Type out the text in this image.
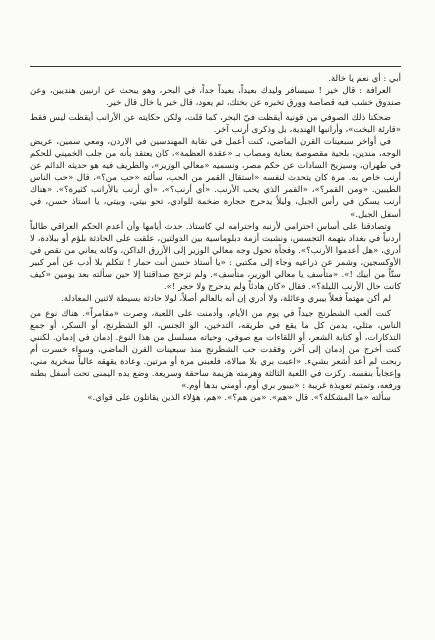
أبي : أي نعم يا خالة.

العرافة : قال خير ! سيسافر وليدك بعيداً، بعيداً جداً، في البحر، وهو يبحث عن ارنبين هنديين، وعن صندوق خشب فيه قصاصة وورق تخبره عن بختك، ثم يعود، قال خير يا خال قال خير.

ضحكنا ذلك الصوفي من قونية أيقظت فيّ البحر، كما قلت، ولكن حكايته عن الأرانب أيقظت ليس فقط «قارئة البخت»، وأرانبها الهندية، بل وذكرى أرنب آخر.

في أواخر سبعينات القرن الماضي، كنت أعمل في نقابة المهندسين في الاردن، ومعي سمين، عريض الوجه، مندين، بلحية مقصوصة بعناية ومصاب بـ «عقدة العظمة»، كان يعتقد بأنه من جلب الخميني للحكم في طهران، وسيزيح السادات عن حكم مصر، ونسميه «معالي الوزير»، والطريف فيه هو حديثه الدائم عن أرنب خاص به. مرة كان يتحدث لنفسه «استقال القمر من الحب، سألته «حب من؟»، قال «حب الناس الطيبين. «ومن القمر؟»، «القمر الذي يحب الأرنب. «أي أرنب؟»، «أي أرنب بالأرانب كثيرة؟». «هناك أرنب يسكن في رأس الجبل، وليلاً يدحرج حجارة ضخمة للوادي، تحو بيتي، وبيتي، يا استاذ حسن، في أسفل الجبل.»

وتصادقنا على أساس احترامي لأرنبه واحترامه لي كاستاذ. حدث أيامها وأن أعدم الحكم العراقي طالباً أردنياً في بغداد بتهمة التجسس، ونشبت أزمة دبلوماسية بين الدولتين، علقت على الحادثة بلؤم أو ببلادة، لا أدري، «هل أعدموا الأرنب؟». وفجأة تحول وجه معالي الوزير إلى الأزرق الداكن، وكانه يعاني من نقص في الأوكسجين، وشمر عن ذراعيه وجاء إلى مكتبي : «يا أستاذ حسن أنت حمار ! تتكلم بلا أدب عن أمر كبير ستّاً من أبيك !». «متأسف يا معالي الوزير، متأسف». ولم تزحج صداقتنا إلا حين سألته بعد يومين «كيف كانت حال الأرنب الليلة؟». فقال «كان هادئاً ولم يدحرج ولا حجر !».

لم أكن مهتماً فعلاً بيبري وعائلة، ولا أدري إن أنه بالعالم أصلاً، لولا حادثة بسيطة لاثنين المعادلة.

كنت ألعب الشطرنج جيداً في يوم من الأيام، وأدمنت على اللعبة، وصرت «مقامراً». هناك نوع من الناس، مثلي، يدمن كل ما يقع في طريقه، التدخين، الو الجنس، الو الشطرنج، أو السكر، أو جمع التذكارات، أو كتابة الشعر، أو اللقاءات مع صوفي، وحياته مسلسل من هذا النوع. إدمان في إدمان. لكنني كنت أخرج من إدمان إلى آخر، وفقدت حب الشطرنج منذ سبعينات القرن الماضي، وسواء خسرت أم ربحت لم أعد أشعر بشيء. «اعبت بري بلا مبالاة، فلعبني مرة أو مرتين. وعادة يقهقه عالياً سخرية مني، وإعجاباً بنفسه. ركزت في اللعبة الثالثة وهزمته هزيمة ساحقة وسريعة. وضع يده اليمنى تحت أسفل بطنه ورفعه، وتمتم تعويذة غريبة : «بيبور بري أوم، أومني بدها أوم.»

سألته «ما المشكلة؟». قال «هم». «من هم؟». «هم، هؤلاء الذين يقاتلون على قواي.»
